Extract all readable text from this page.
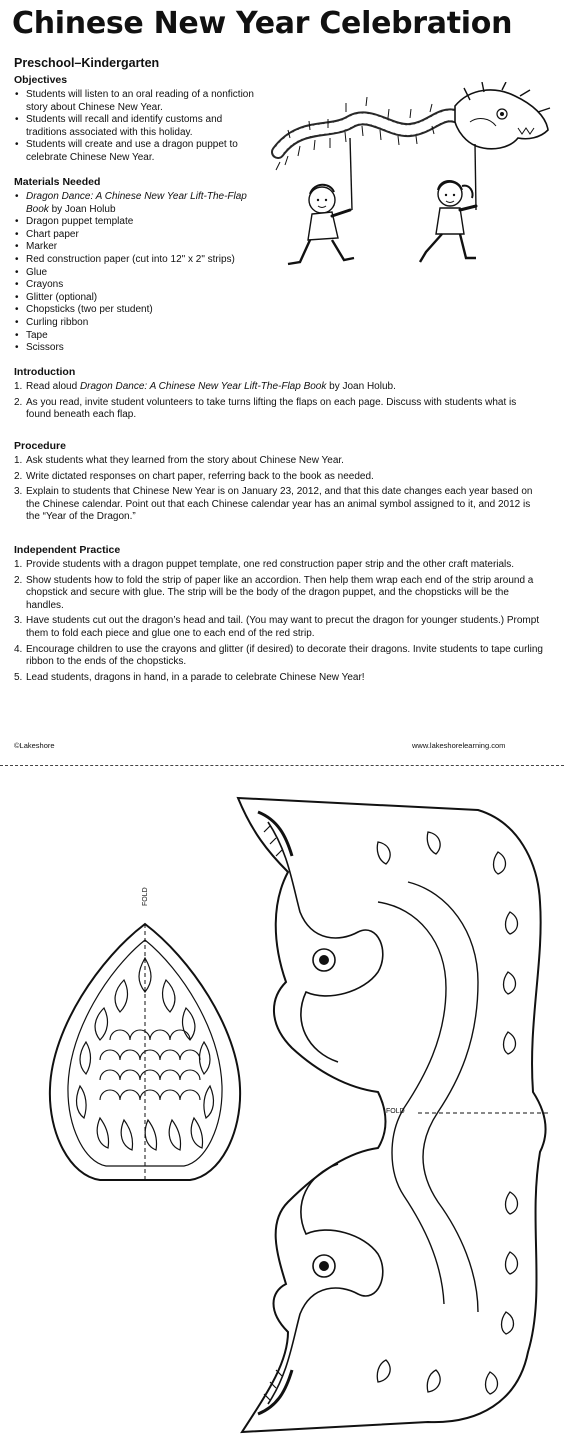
Chinese New Year Celebration
Preschool–Kindergarten
Objectives
• Students will listen to an oral reading of a nonfiction story about Chinese New Year.
• Students will recall and identify customs and traditions associated with this holiday.
• Students will create and use a dragon puppet to celebrate Chinese New Year.
Materials Needed
• Dragon Dance: A Chinese New Year Lift-The-Flap Book by Joan Holub
• Dragon puppet template
• Chart paper
• Marker
• Red construction paper (cut into 12" x 2" strips)
• Glue
• Crayons
• Glitter (optional)
• Chopsticks (two per student)
• Curling ribbon
• Tape
• Scissors
Introduction
1. Read aloud Dragon Dance: A Chinese New Year Lift-The-Flap Book by Joan Holub.
2. As you read, invite student volunteers to take turns lifting the flaps on each page. Discuss with students what is found beneath each flap.
Procedure
1. Ask students what they learned from the story about Chinese New Year.
2. Write dictated responses on chart paper, referring back to the book as needed.
3. Explain to students that Chinese New Year is on January 23, 2012, and that this date changes each year based on the Chinese calendar. Point out that each Chinese calendar year has an animal symbol assigned to it, and 2012 is the “Year of the Dragon.”
Independent Practice
1. Provide students with a dragon puppet template, one red construction paper strip and the other craft materials.
2. Show students how to fold the strip of paper like an accordion. Then help them wrap each end of the strip around a chopstick and secure with glue. The strip will be the body of the dragon puppet, and the chopsticks will be the handles.
3. Have students cut out the dragon’s head and tail. (You may want to precut the dragon for younger students.) Prompt them to fold each piece and glue one to each end of the red strip.
4. Encourage children to use the crayons and glitter (if desired) to decorate their dragons. Invite students to tape curling ribbon to the ends of the chopsticks.
5. Lead students, dragons in hand, in a parade to celebrate Chinese New Year!
©Lakeshore	www.lakeshorelearning.com
FOLD
FOLD
